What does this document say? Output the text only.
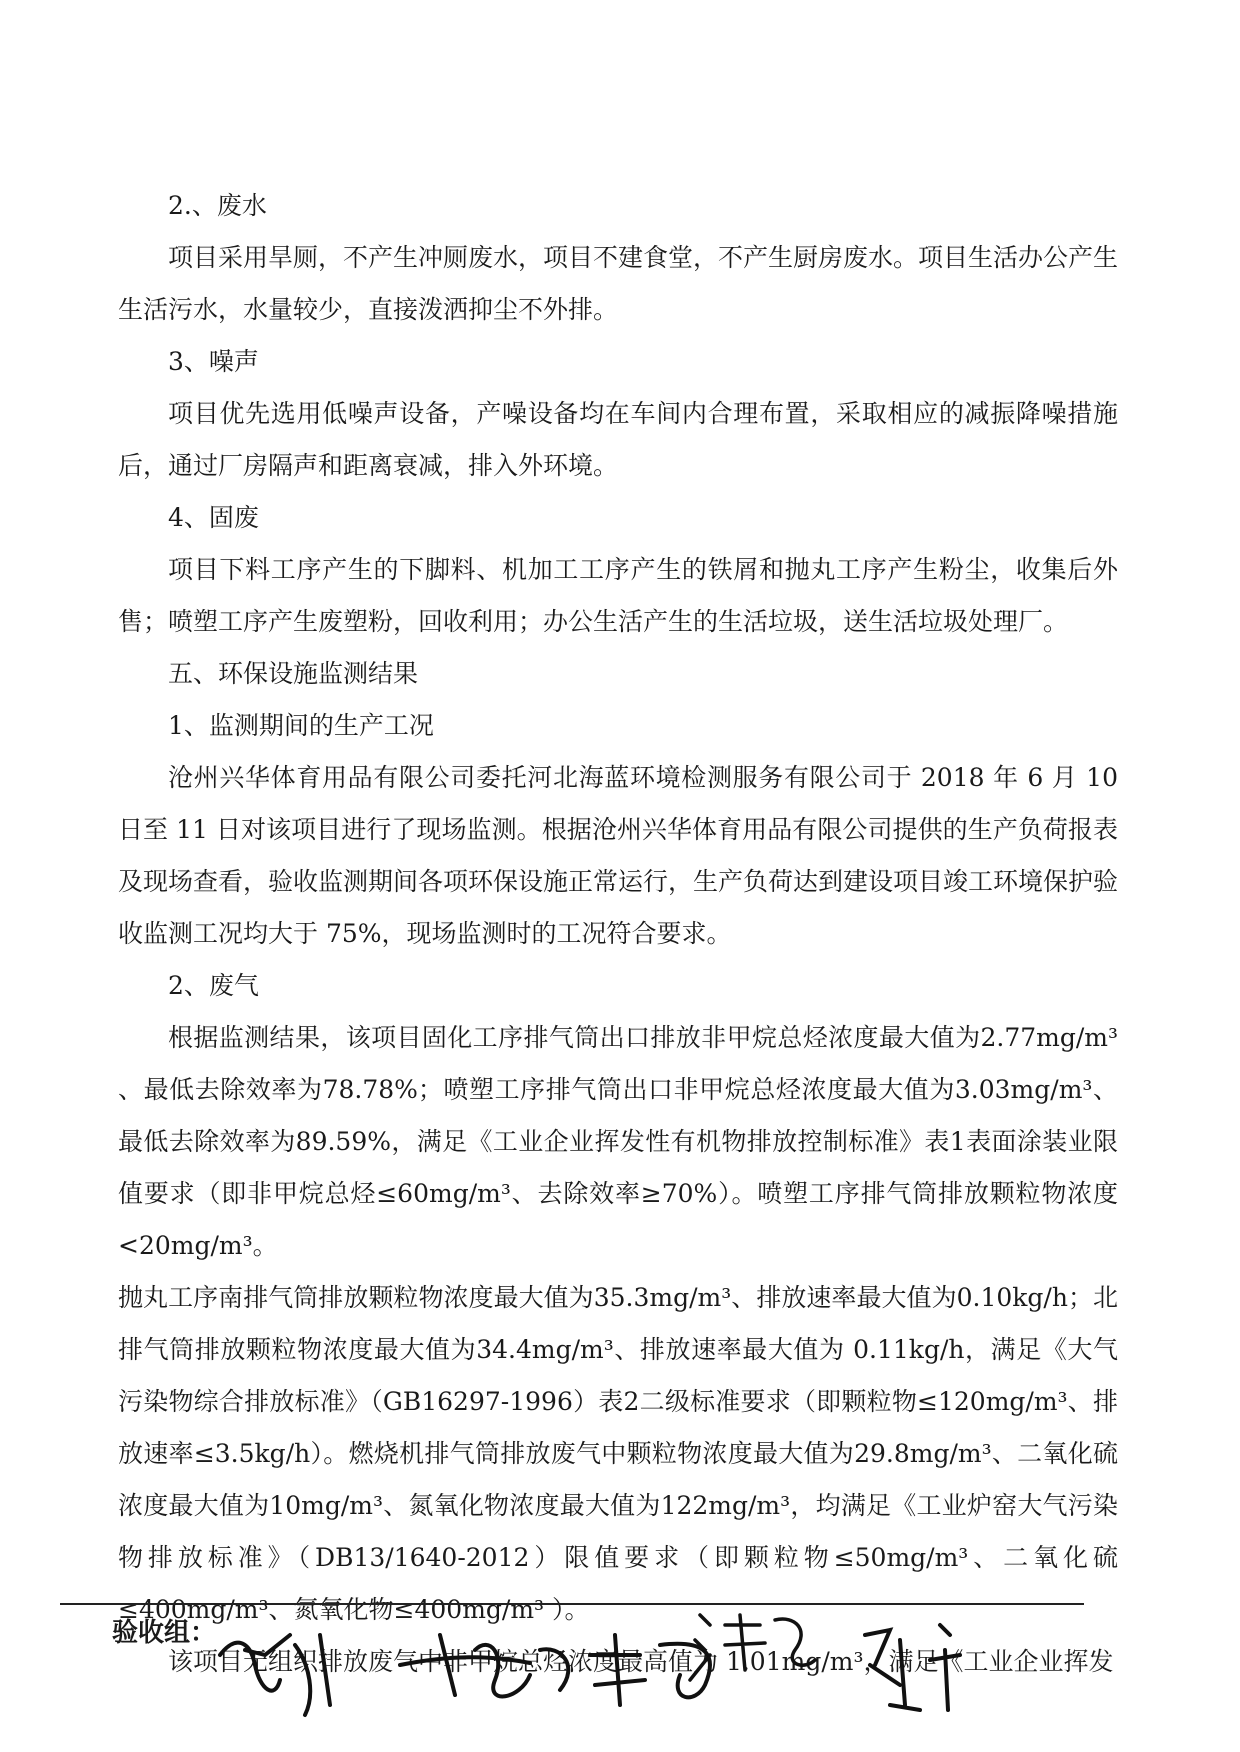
2.、废水

项目采用旱厕，不产生冲厕废水，项目不建食堂，不产生厨房废水。项目生活办公产生生活污水，水量较少，直接泼洒抑尘不外排。

3、噪声

项目优先选用低噪声设备，产噪设备均在车间内合理布置，采取相应的减振降噪措施后，通过厂房隔声和距离衰减，排入外环境。

4、固废

项目下料工序产生的下脚料、机加工工序产生的铁屑和抛丸工序产生粉尘，收集后外售；喷塑工序产生废塑粉，回收利用；办公生活产生的生活垃圾，送生活垃圾处理厂。

五、环保设施监测结果

1、监测期间的生产工况

沧州兴华体育用品有限公司委托河北海蓝环境检测服务有限公司于 2018 年 6 月 10 日至 11 日对该项目进行了现场监测。根据沧州兴华体育用品有限公司提供的生产负荷报表及现场查看，验收监测期间各项环保设施正常运行，生产负荷达到建设项目竣工环境保护验收监测工况均大于 75%，现场监测时的工况符合要求。

2、废气

根据监测结果，该项目固化工序排气筒出口排放非甲烷总烃浓度最大值为2.77mg/m³ 、最低去除效率为78.78%；喷塑工序排气筒出口非甲烷总烃浓度最大值为3.03mg/m³、最低去除效率为89.59%，满足《工业企业挥发性有机物排放控制标准》表1表面涂装业限值要求（即非甲烷总烃≤60mg/m³、去除效率≥70%）。喷塑工序排气筒排放颗粒物浓度<20mg/m³。

抛丸工序南排气筒排放颗粒物浓度最大值为35.3mg/m³、排放速率最大值为0.10kg/h；北排气筒排放颗粒物浓度最大值为34.4mg/m³、排放速率最大值为 0.11kg/h，满足《大气污染物综合排放标准》（GB16297-1996）表2二级标准要求（即颗粒物≤120mg/m³、排放速率≤3.5kg/h）。燃烧机排气筒排放废气中颗粒物浓度最大值为29.8mg/m³、二氧化硫浓度最大值为10mg/m³、氮氧化物浓度最大值为122mg/m³，均满足《工业炉窑大气污染物排放标准》（DB13/1640-2012）限值要求（即颗粒物≤50mg/m³、二氧化硫≤400mg/m³、氮氧化物≤400mg/m³ ）。

该项目无组织排放废气中非甲烷总烃浓度最高值为 1.01mg/m³，满足《工业企业挥发

验收组：
